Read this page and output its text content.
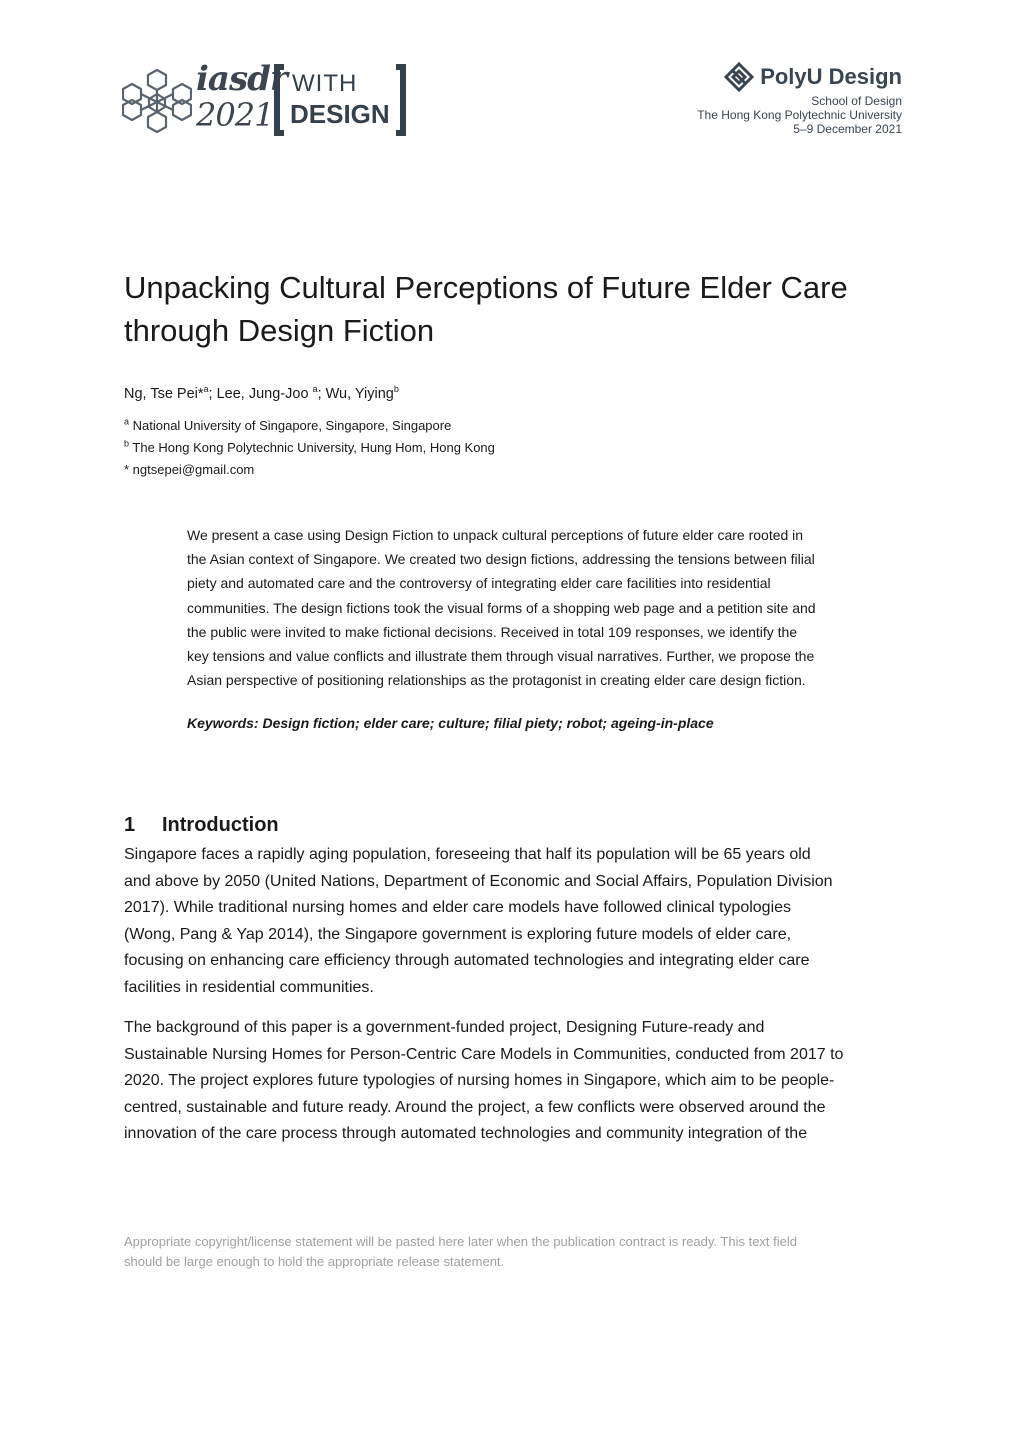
iasdr
2021
WITH
DESIGN
PolyU Design
School of Design
The Hong Kong Polytechnic University
5–9 December 2021
Unpacking Cultural Perceptions of Future Elder Care
through Design Fiction
Ng, Tse Pei*$^a$; Lee, Jung-Joo $^a$; Wu, Yiying$^b$
$^a$ National University of Singapore, Singapore, Singapore
$^b$ The Hong Kong Polytechnic University, Hung Hom, Hong Kong
* ngtsepei@gmail.com
We present a case using Design Fiction to unpack cultural perceptions of future elder care rooted in
the Asian context of Singapore. We created two design fictions, addressing the tensions between filial
piety and automated care and the controversy of integrating elder care facilities into residential
communities. The design fictions took the visual forms of a shopping web page and a petition site and
the public were invited to make fictional decisions. Received in total 109 responses, we identify the
key tensions and value conflicts and illustrate them through visual narratives. Further, we propose the
Asian perspective of positioning relationships as the protagonist in creating elder care design fiction.
Keywords: Design fiction; elder care; culture; filial piety; robot; ageing-in-place
1 Introduction
Singapore faces a rapidly aging population, foreseeing that half its population will be 65 years old
and above by 2050 (United Nations, Department of Economic and Social Affairs, Population Division
2017). While traditional nursing homes and elder care models have followed clinical typologies
(Wong, Pang & Yap 2014), the Singapore government is exploring future models of elder care,
focusing on enhancing care efficiency through automated technologies and integrating elder care
facilities in residential communities.
The background of this paper is a government-funded project, Designing Future-ready and
Sustainable Nursing Homes for Person-Centric Care Models in Communities, conducted from 2017 to
2020. The project explores future typologies of nursing homes in Singapore, which aim to be people-
centred, sustainable and future ready. Around the project, a few conflicts were observed around the
innovation of the care process through automated technologies and community integration of the
Appropriate copyright/license statement will be pasted here later when the publication contract is ready. This text field
should be large enough to hold the appropriate release statement.
